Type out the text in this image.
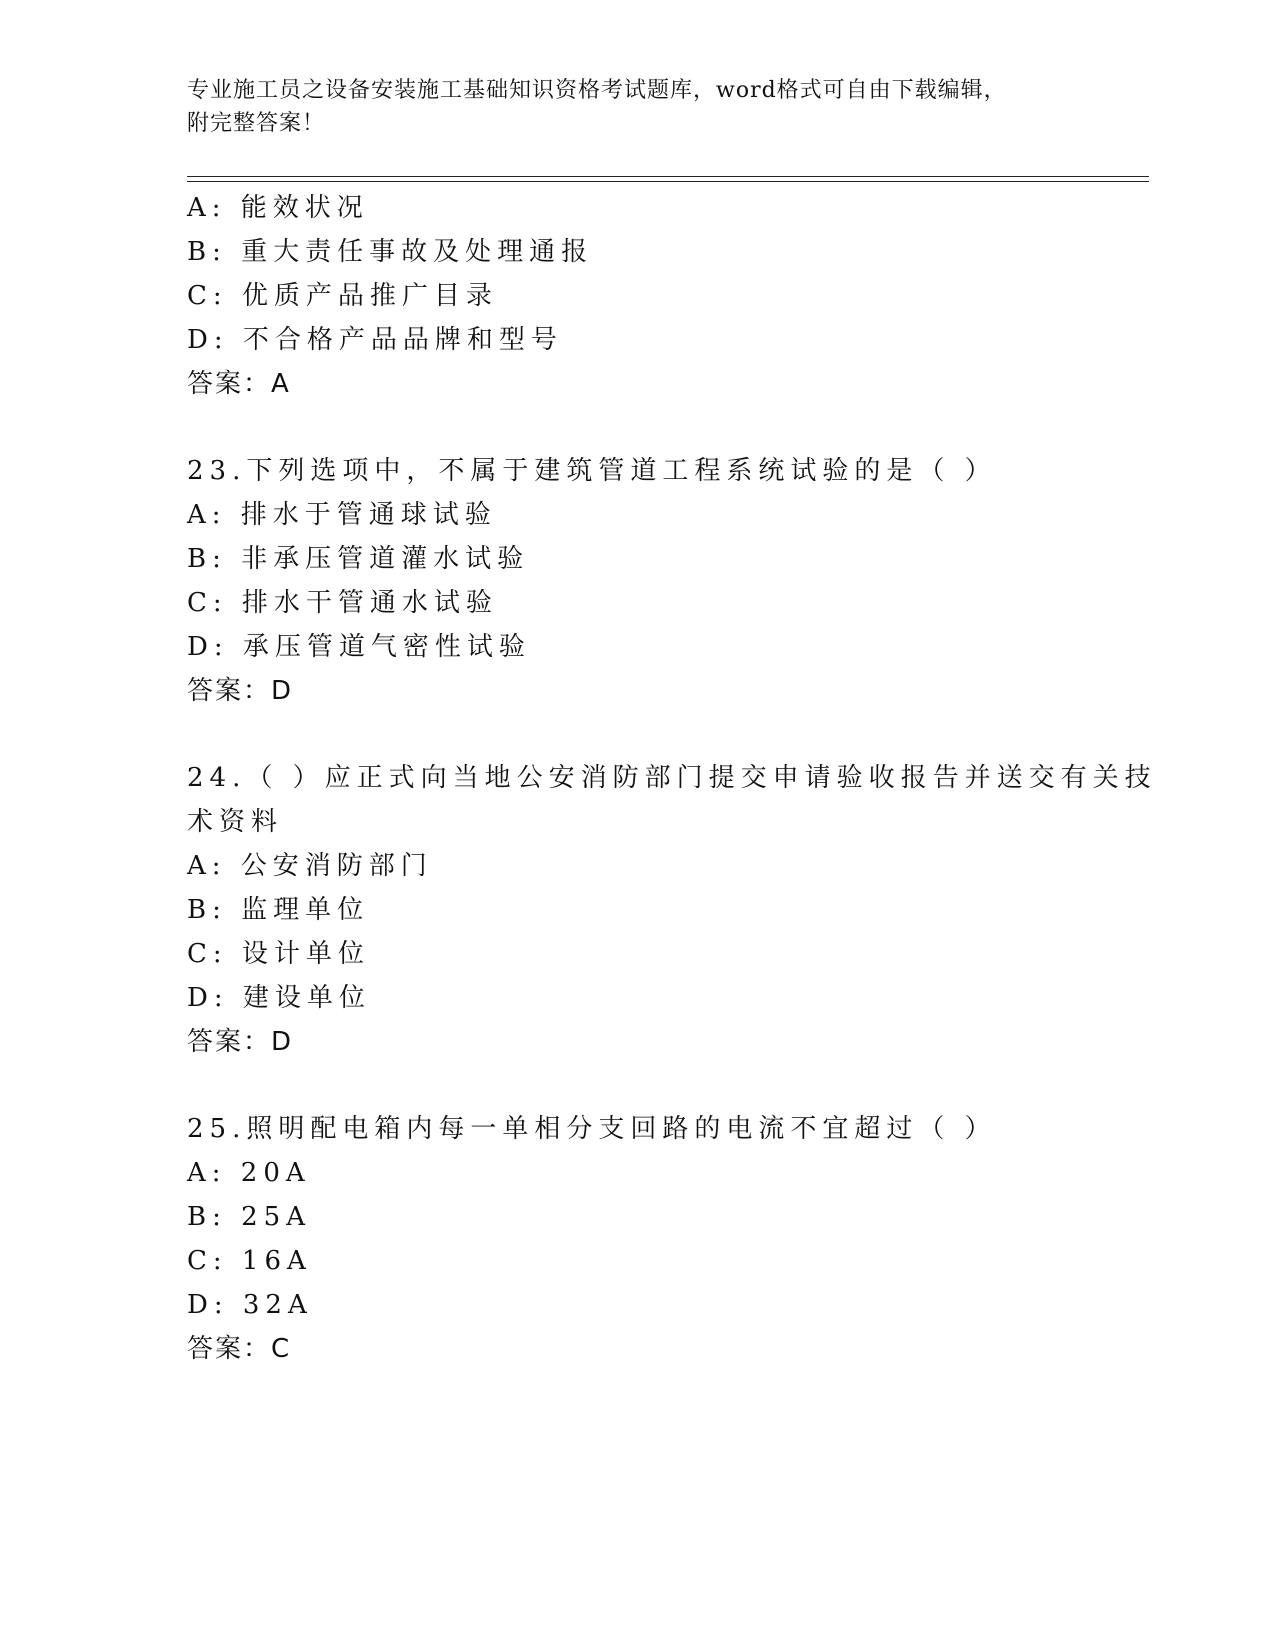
专业施工员之设备安装施工基础知识资格考试题库，word格式可自由下载编辑，
附完整答案！
A: 能效状况
B: 重大责任事故及处理通报
C: 优质产品推广目录
D: 不合格产品品牌和型号
答案：A
23.下列选项中，不属于建筑管道工程系统试验的是（ ）
A: 排水于管通球试验
B: 非承压管道灌水试验
C: 排水干管通水试验
D: 承压管道气密性试验
答案：D
24.（ ）应正式向当地公安消防部门提交申请验收报告并送交有关技
术资料
A: 公安消防部门
B: 监理单位
C: 设计单位
D: 建设单位
答案：D
25.照明配电箱内每一单相分支回路的电流不宜超过（ ）
A: 20A
B: 25A
C: 16A
D: 32A
答案：C
